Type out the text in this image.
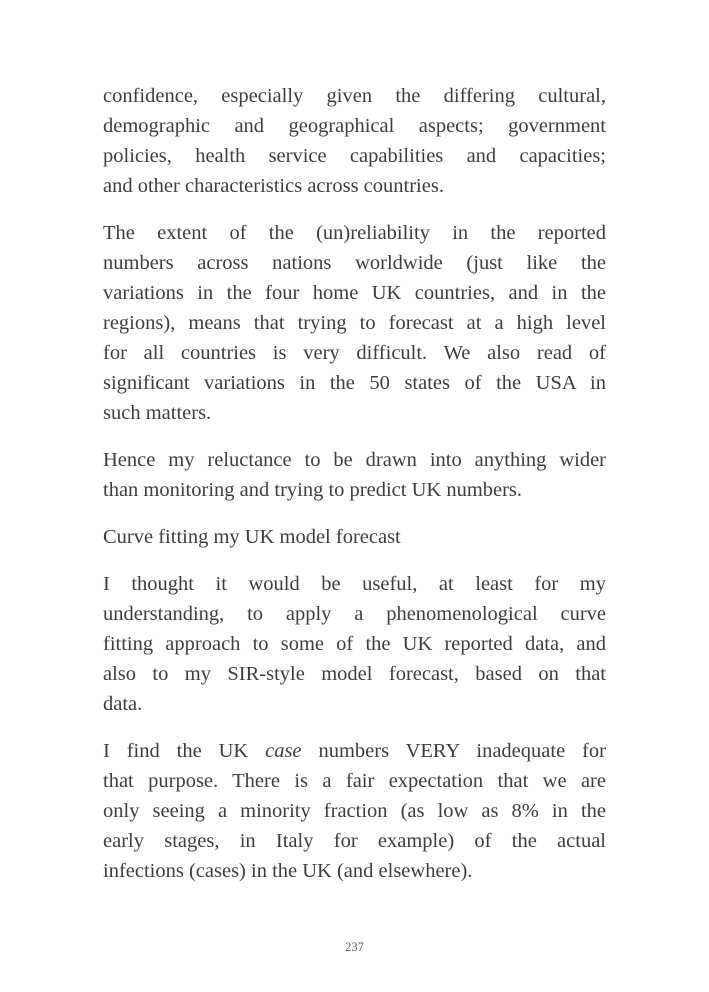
confidence, especially given the differing cultural,
demographic and geographical aspects; government
policies, health service capabilities and capacities;
and other characteristics across countries.
The extent of the (un)reliability in the reported
numbers across nations worldwide (just like the
variations in the four home UK countries, and in the
regions), means that trying to forecast at a high level
for all countries is very difficult. We also read of
significant variations in the 50 states of the USA in
such matters.
Hence my reluctance to be drawn into anything wider
than monitoring and trying to predict UK numbers.
Curve fitting my UK model forecast
I thought it would be useful, at least for my
understanding, to apply a phenomenological curve
fitting approach to some of the UK reported data, and
also to my SIR-style model forecast, based on that
data.
I find the UK case numbers VERY inadequate for
that purpose. There is a fair expectation that we are
only seeing a minority fraction (as low as 8% in the
early stages, in Italy for example) of the actual
infections (cases) in the UK (and elsewhere).
237
